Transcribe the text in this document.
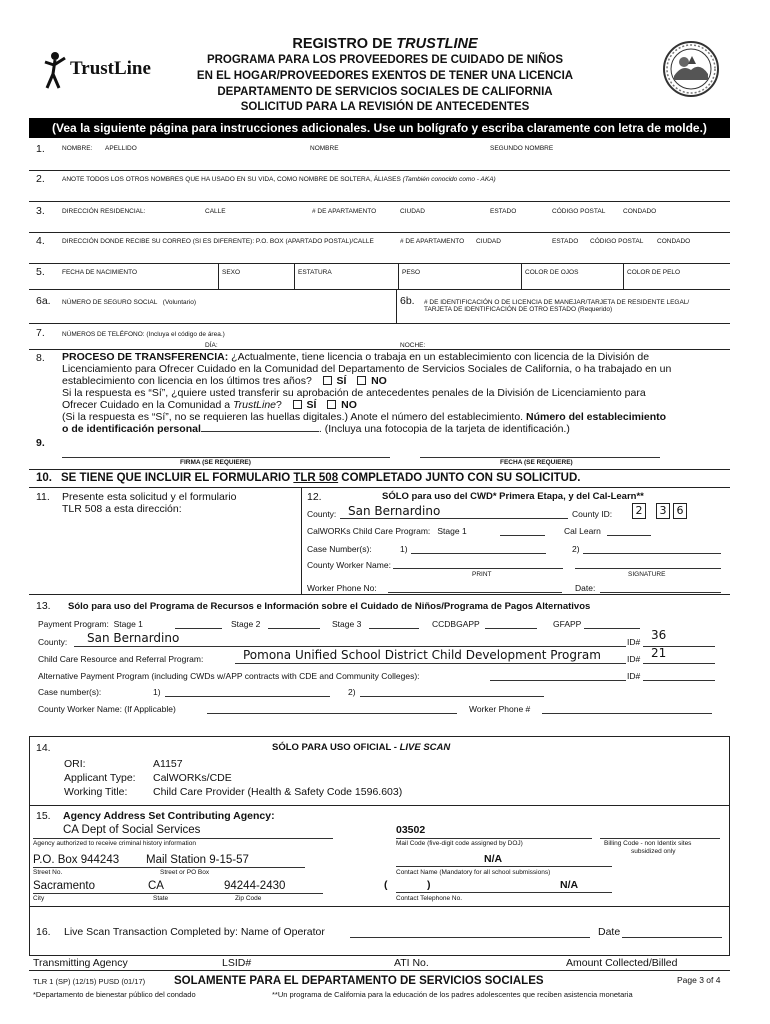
TrustLine
REGISTRO DE TRUSTLINE
PROGRAMA PARA LOS PROVEEDORES DE CUIDADO DE NIÑOS
EN EL HOGAR/PROVEEDORES EXENTOS DE TENER UNA LICENCIA
DEPARTAMENTO DE SERVICIOS SOCIALES DE CALIFORNIA
SOLICITUD PARA LA REVISIÓN DE ANTECEDENTES
(Vea la siguiente página para instrucciones adicionales. Use un bolígrafo y escriba claramente con letra de molde.)
1.	NOMBRE: APELLIDO	NOMBRE	SEGUNDO NOMBRE
2.	ANOTE TODOS LOS OTROS NOMBRES QUE HA USADO EN SU VIDA, COMO NOMBRE DE SOLTERA, ÁLIASES (También conocido como - AKA)
3.	DIRECCIÓN RESIDENCIAL:	CALLE	# DE APARTAMENTO	CIUDAD	ESTADO	CÓDIGO POSTAL	CONDADO
4.	DIRECCIÓN DONDE RECIBE SU CORREO (SI ES DIFERENTE): P.O. BOX (APARTADO POSTAL)/CALLE	# DE APARTAMENTO CIUDAD	ESTADO CÓDIGO POSTAL CONDADO
5.	FECHA DE NACIMIENTO	SEXO	ESTATURA	PESO	COLOR DE OJOS	COLOR DE PELO
6a. NÚMERO DE SEGURO SOCIAL (Voluntario)	6b. # DE IDENTIFICACIÓN O DE LICENCIA DE MANEJAR/TARJETA DE RESIDENTE LEGAL/
TARJETA DE IDENTIFICACIÓN DE OTRO ESTADO (Requerido)
7.	NÚMEROS DE TELÉFONO: (Incluya el código de área.)
DÍA:	NOCHE:
8. PROCESO DE TRANSFERENCIA: ¿Actualmente, tiene licencia o trabaja en un establecimiento con licencia de la División de
Licenciamiento para Ofrecer Cuidado en la Comunidad del Departamento de Servicios Sociales de California, o ha trabajado en un
establecimiento con licencia en los últimos tres años? SÍ NO
Si la respuesta es “Sí”, ¿quiere usted transferir su aprobación de antecedentes penales de la División de Licenciamiento para
Ofrecer Cuidado en la Comunidad a TrustLine? SÍ NO
(Si la respuesta es “Sí”, no se requieren las huellas digitales.) Anote el número del establecimiento. Número del establecimiento
o de identificación personal	. (Incluya una fotocopia de la tarjeta de identificación.)
9.
FIRMA (SE REQUIERE)	FECHA (SE REQUIERE)
10. SE TIENE QUE INCLUIR EL FORMULARIO TLR 508 COMPLETADO JUNTO CON SU SOLICITUD.
11. Presente esta solicitud y el formulario
TLR 508 a esta dirección:
12.	SÓLO para uso del CWD* Primera Etapa, y del Cal-Learn**
County: San Bernardino	County ID:	2	3 6
CalWORKs Child Care Program: Stage 1	Cal Learn
Case Number(s):	1)	2)
County Worker Name:
PRINT	SIGNATURE
Worker Phone No:	Date:
13. Sólo para uso del Programa de Recursos e Información sobre el Cuidado de Niños/Programa de Pagos Alternativos
Payment Program: Stage 1	Stage 2	Stage 3	CCDBGAPP	GFAPP
County: San Bernardino	ID# 36
Child Care Resource and Referral Program:	Pomona Unified School District Child Development Program	ID# 21
Alternative Payment Program (including CWDs w/APP contracts with CDE and Community Colleges):	ID#
Case number(s):	1)	2)
County Worker Name: (If Applicable)	Worker Phone #
14.	SÓLO PARA USO OFICIAL - LIVE SCAN
ORI:	A1157
Applicant Type: CalWORKs/CDE
Working Title: Child Care Provider (Health & Safety Code 1596.603)
15. Agency Address Set Contributing Agency:
CA Dept of Social Services
Agency authorized to receive criminal history information
03502
Mail Code (five-digit code assigned by DOJ)	Billing Code - non Identix sites
subsidized only
P.O. Box 944243 Mail Station 9-15-57
Street No.	Street or PO Box
N/A
Contact Name (Mandatory for all school submissions)
Sacramento	CA	94244-2430
City	State	Zip Code
(	)	N/A
Contact Telephone No.
16. Live Scan Transaction Completed by: Name of Operator	Date
Transmitting Agency	LSID#	ATI No.	Amount Collected/Billed
TLR 1 (SP) (12/15) PUSD (01/17)	SOLAMENTE PARA EL DEPARTAMENTO DE SERVICIOS SOCIALES	Page 3 of 4
*Departamento de bienestar público del condado	**Un programa de California para la educación de los padres adolescentes que reciben asistencia monetaria
